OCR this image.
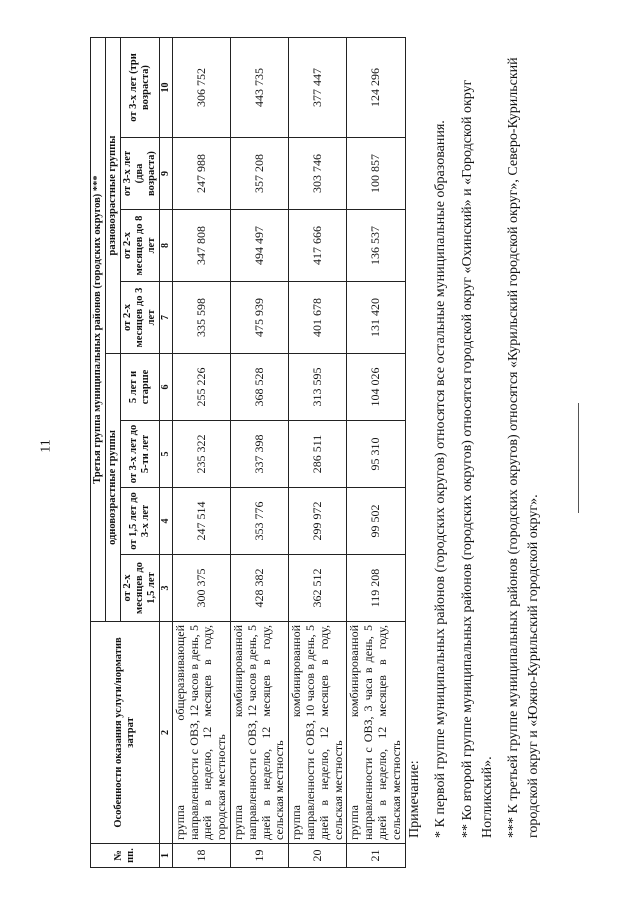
11
№ пп.	Особенности оказания услуги/норматив затрат	Третья группа муниципальных районов (городских округов) ***							
		одновозрастные группы				разновозрастные группы			
		от 2-х месяцев до 1,5 лет	от 1,5 лет до 3-х лет	от 3-х лет до 5-ти лет	5 лет и старше	от 2-х месяцев до 3 лет	от 2-х месяцев до 8 лет	от 3-х лет (два возраста)	от 3-х лет (три возраста)
1	2	3	4	5	6	7	8	9	10
18	группа общеразвивающей направленности с ОВЗ, 12 часов в день, 5 дней в неделю, 12 месяцев в году, городская местность	300 375	247 514	235 322	255 226	335 598	347 808	247 988	306 752
19	группа комбинированной направленности с ОВЗ, 12 часов в день, 5 дней в неделю, 12 месяцев в году, сельская местность	428 382	353 776	337 398	368 528	475 939	494 497	357 208	443 735
20	группа комбинированной направленности с ОВЗ, 10 часов в день, 5 дней в неделю, 12 месяцев в году, сельская местность	362 512	299 972	286 511	313 595	401 678	417 666	303 746	377 447
21	группа комбинированной направленности с ОВЗ, 3 часа в день, 5 дней в неделю, 12 месяцев в году, сельская местность	119 208	99 502	95 310	104 026	131 420	136 537	100 857	124 296

Примечание: * К первой группе муниципальных районов (городских округов) относятся все остальные муниципальные образования. ** Ко второй группе муниципальных районов (городских округов) относятся городской округ «Охинский» и «Городской округ Ногликский». *** К третьей группе муниципальных районов (городских округов) относятся «Курильский городской округ», Северо-Курильский городской округ и «Южно-Курильский городской округ».
